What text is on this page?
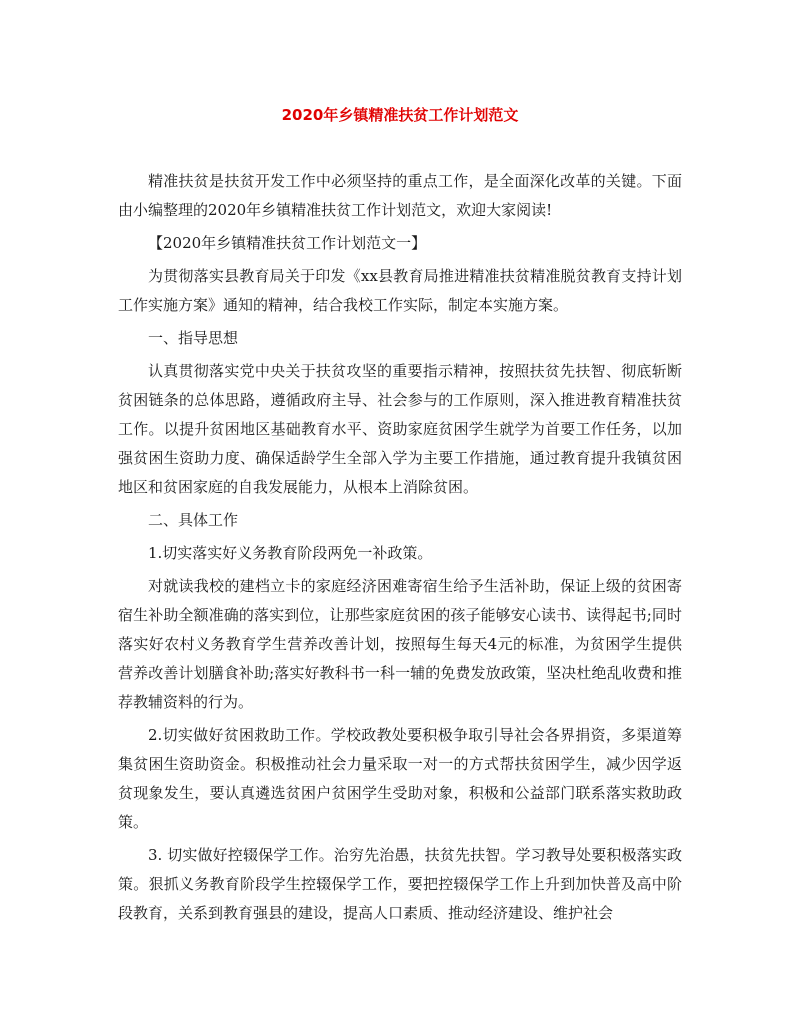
2020年乡镇精准扶贫工作计划范文

精准扶贫是扶贫开发工作中必须坚持的重点工作，是全面深化改革的关键。下面由小编整理的2020年乡镇精准扶贫工作计划范文，欢迎大家阅读!

【2020年乡镇精准扶贫工作计划范文一】

为贯彻落实县教育局关于印发《xx县教育局推进精准扶贫精准脱贫教育支持计划工作实施方案》通知的精神，结合我校工作实际，制定本实施方案。

一、指导思想

认真贯彻落实党中央关于扶贫攻坚的重要指示精神，按照扶贫先扶智、彻底斩断贫困链条的总体思路，遵循政府主导、社会参与的工作原则，深入推进教育精准扶贫工作。以提升贫困地区基础教育水平、资助家庭贫困学生就学为首要工作任务，以加强贫困生资助力度、确保适龄学生全部入学为主要工作措施，通过教育提升我镇贫困地区和贫困家庭的自我发展能力，从根本上消除贫困。

二、具体工作

1.切实落实好义务教育阶段两免一补政策。

对就读我校的建档立卡的家庭经济困难寄宿生给予生活补助，保证上级的贫困寄宿生补助全额准确的落实到位，让那些家庭贫困的孩子能够安心读书、读得起书;同时落实好农村义务教育学生营养改善计划，按照每生每天4元的标准，为贫困学生提供营养改善计划膳食补助;落实好教科书一科一辅的免费发放政策，坚决杜绝乱收费和推荐教辅资料的行为。

2.切实做好贫困救助工作。学校政教处要积极争取引导社会各界捐资，多渠道筹集贫困生资助资金。积极推动社会力量采取一对一的方式帮扶贫困学生，减少因学返贫现象发生，要认真遴选贫困户贫困学生受助对象，积极和公益部门联系落实救助政策。

3. 切实做好控辍保学工作。治穷先治愚，扶贫先扶智。学习教导处要积极落实政策。狠抓义务教育阶段学生控辍保学工作，要把控辍保学工作上升到加快普及高中阶段教育，关系到教育强县的建设，提高人口素质、推动经济建设、维护社会
